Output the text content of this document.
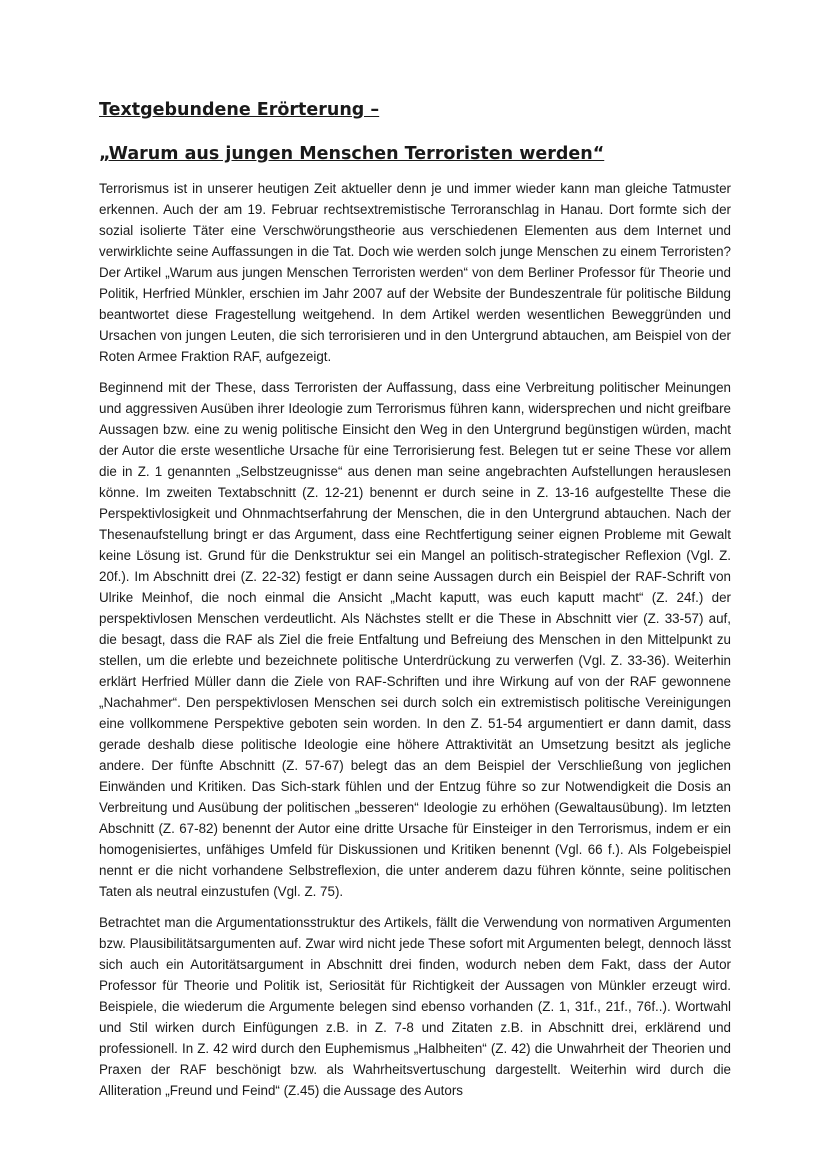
Textgebundene Erörterung –
„Warum aus jungen Menschen Terroristen werden“

Terrorismus ist in unserer heutigen Zeit aktueller denn je und immer wieder kann man gleiche Tatmuster erkennen. Auch der am 19. Februar rechtsextremistische Terroranschlag in Hanau. Dort formte sich der sozial isolierte Täter eine Verschwörungstheorie aus verschiedenen Elementen aus dem Internet und verwirklichte seine Auffassungen in die Tat. Doch wie werden solch junge Menschen zu einem Terroristen? Der Artikel „Warum aus jungen Menschen Terroristen werden“ von dem Berliner Professor für Theorie und Politik, Herfried Münkler, erschien im Jahr 2007 auf der Website der Bundeszentrale für politische Bildung beantwortet diese Fragestellung weitgehend. In dem Artikel werden wesentlichen Beweggründen und Ursachen von jungen Leuten, die sich terrorisieren und in den Untergrund abtauchen, am Beispiel von der Roten Armee Fraktion RAF, aufgezeigt.

Beginnend mit der These, dass Terroristen der Auffassung, dass eine Verbreitung politischer Meinungen und aggressiven Ausüben ihrer Ideologie zum Terrorismus führen kann, widersprechen und nicht greifbare Aussagen bzw. eine zu wenig politische Einsicht den Weg in den Untergrund begünstigen würden, macht der Autor die erste wesentliche Ursache für eine Terrorisierung fest. Belegen tut er seine These vor allem die in Z. 1 genannten „Selbstzeugnisse“ aus denen man seine angebrachten Aufstellungen herauslesen könne. Im zweiten Textabschnitt (Z. 12-21) benennt er durch seine in Z. 13-16 aufgestellte These die Perspektivlosigkeit und Ohnmachtserfahrung der Menschen, die in den Untergrund abtauchen. Nach der Thesenaufstellung bringt er das Argument, dass eine Rechtfertigung seiner eignen Probleme mit Gewalt keine Lösung ist. Grund für die Denkstruktur sei ein Mangel an politisch-strategischer Reflexion (Vgl. Z. 20f.). Im Abschnitt drei (Z. 22-32) festigt er dann seine Aussagen durch ein Beispiel der RAF-Schrift von Ulrike Meinhof, die noch einmal die Ansicht „Macht kaputt, was euch kaputt macht“ (Z. 24f.) der perspektivlosen Menschen verdeutlicht. Als Nächstes stellt er die These in Abschnitt vier (Z. 33-57) auf, die besagt, dass die RAF als Ziel die freie Entfaltung und Befreiung des Menschen in den Mittelpunkt zu stellen, um die erlebte und bezeichnete politische Unterdrückung zu verwerfen (Vgl. Z. 33-36). Weiterhin erklärt Herfried Müller dann die Ziele von RAF-Schriften und ihre Wirkung auf von der RAF gewonnene „Nachahmer“. Den perspektivlosen Menschen sei durch solch ein extremistisch politische Vereinigungen eine vollkommene Perspektive geboten sein worden. In den Z. 51-54 argumentiert er dann damit, dass gerade deshalb diese politische Ideologie eine höhere Attraktivität an Umsetzung besitzt als jegliche andere. Der fünfte Abschnitt (Z. 57-67) belegt das an dem Beispiel der Verschließung von jeglichen Einwänden und Kritiken. Das Sich-stark fühlen und der Entzug führe so zur Notwendigkeit die Dosis an Verbreitung und Ausübung der politischen „besseren“ Ideologie zu erhöhen (Gewaltausübung). Im letzten Abschnitt (Z. 67-82) benennt der Autor eine dritte Ursache für Einsteiger in den Terrorismus, indem er ein homogenisiertes, unfähiges Umfeld für Diskussionen und Kritiken benennt (Vgl. 66 f.). Als Folgebeispiel nennt er die nicht vorhandene Selbstreflexion, die unter anderem dazu führen könnte, seine politischen Taten als neutral einzustufen (Vgl. Z. 75).

Betrachtet man die Argumentationsstruktur des Artikels, fällt die Verwendung von normativen Argumenten bzw. Plausibilitätsargumenten auf. Zwar wird nicht jede These sofort mit Argumenten belegt, dennoch lässt sich auch ein Autoritätsargument in Abschnitt drei finden, wodurch neben dem Fakt, dass der Autor Professor für Theorie und Politik ist, Seriosität für Richtigkeit der Aussagen von Münkler erzeugt wird. Beispiele, die wiederum die Argumente belegen sind ebenso vorhanden (Z. 1, 31f., 21f., 76f..). Wortwahl und Stil wirken durch Einfügungen z.B. in Z. 7-8 und Zitaten z.B. in Abschnitt drei, erklärend und professionell. In Z. 42 wird durch den Euphemismus „Halbheiten“ (Z. 42) die Unwahrheit der Theorien und Praxen der RAF beschönigt bzw. als Wahrheitsvertuschung dargestellt. Weiterhin wird durch die Alliteration „Freund und Feind“ (Z.45) die Aussage des Autors
